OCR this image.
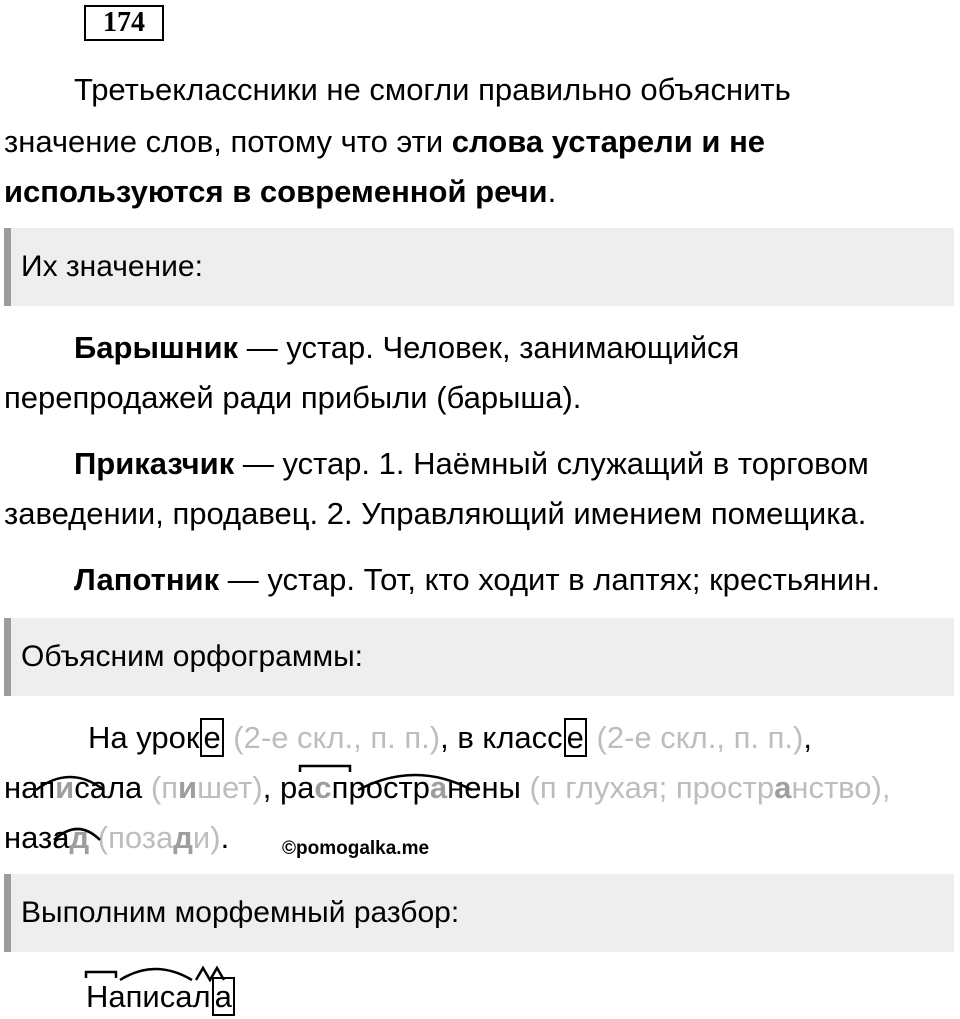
174
Третьеклассники не смогли правильно объяснить
значение слов, потому что эти слова устарели и не
используются в современной речи.
Их значение:
Барышник — устар. Человек, занимающийся
перепродажей ради прибыли (барыша).
Приказчик — устар. 1. Наёмный служащий в торговом
заведении, продавец. 2. Управляющий имением помещика.
Лапотник — устар. Тот, кто ходит в лаптях; крестьянин.
Объясним орфограммы:
На урок е (2-е скл., п. п.), в класс е (2-е скл., п. п.),
написала (пишет), распространены (п глухая; пространство),
назад (позади).	©pomogalka.me
Выполним морфемный разбор:
Написал а
